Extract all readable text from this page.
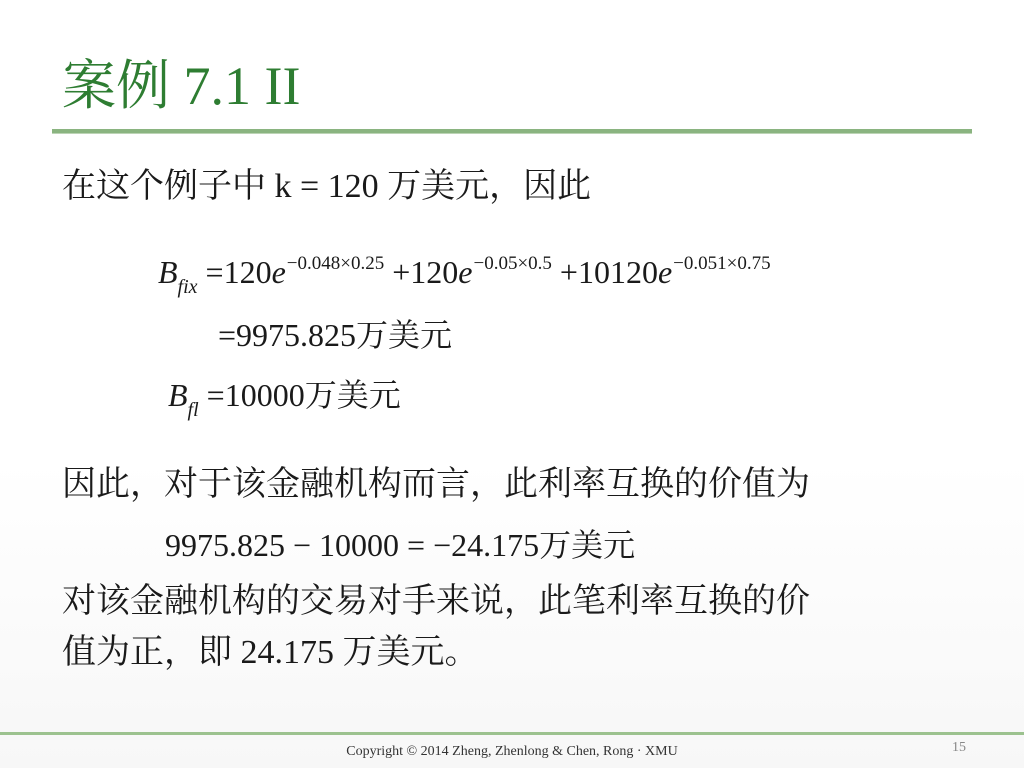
案例 7.1 II
在这个例子中 k = 120 万美元，因此
$B_{fix} =120e^{-0.048\times 0.25} +120e^{-0.05\times 0.5} +10120e^{-0.051\times 0.75}$
=9975.825万美元
$B_{fl} =10000$万美元
因此，对于该金融机构而言，此利率互换的价值为
9975.825 − 10000 = −24.175万美元
对该金融机构的交易对手来说，此笔利率互换的价
值为正，即 24.175 万美元。
Copyright © 2014 Zheng, Zhenlong & Chen, Rong · XMU	15
